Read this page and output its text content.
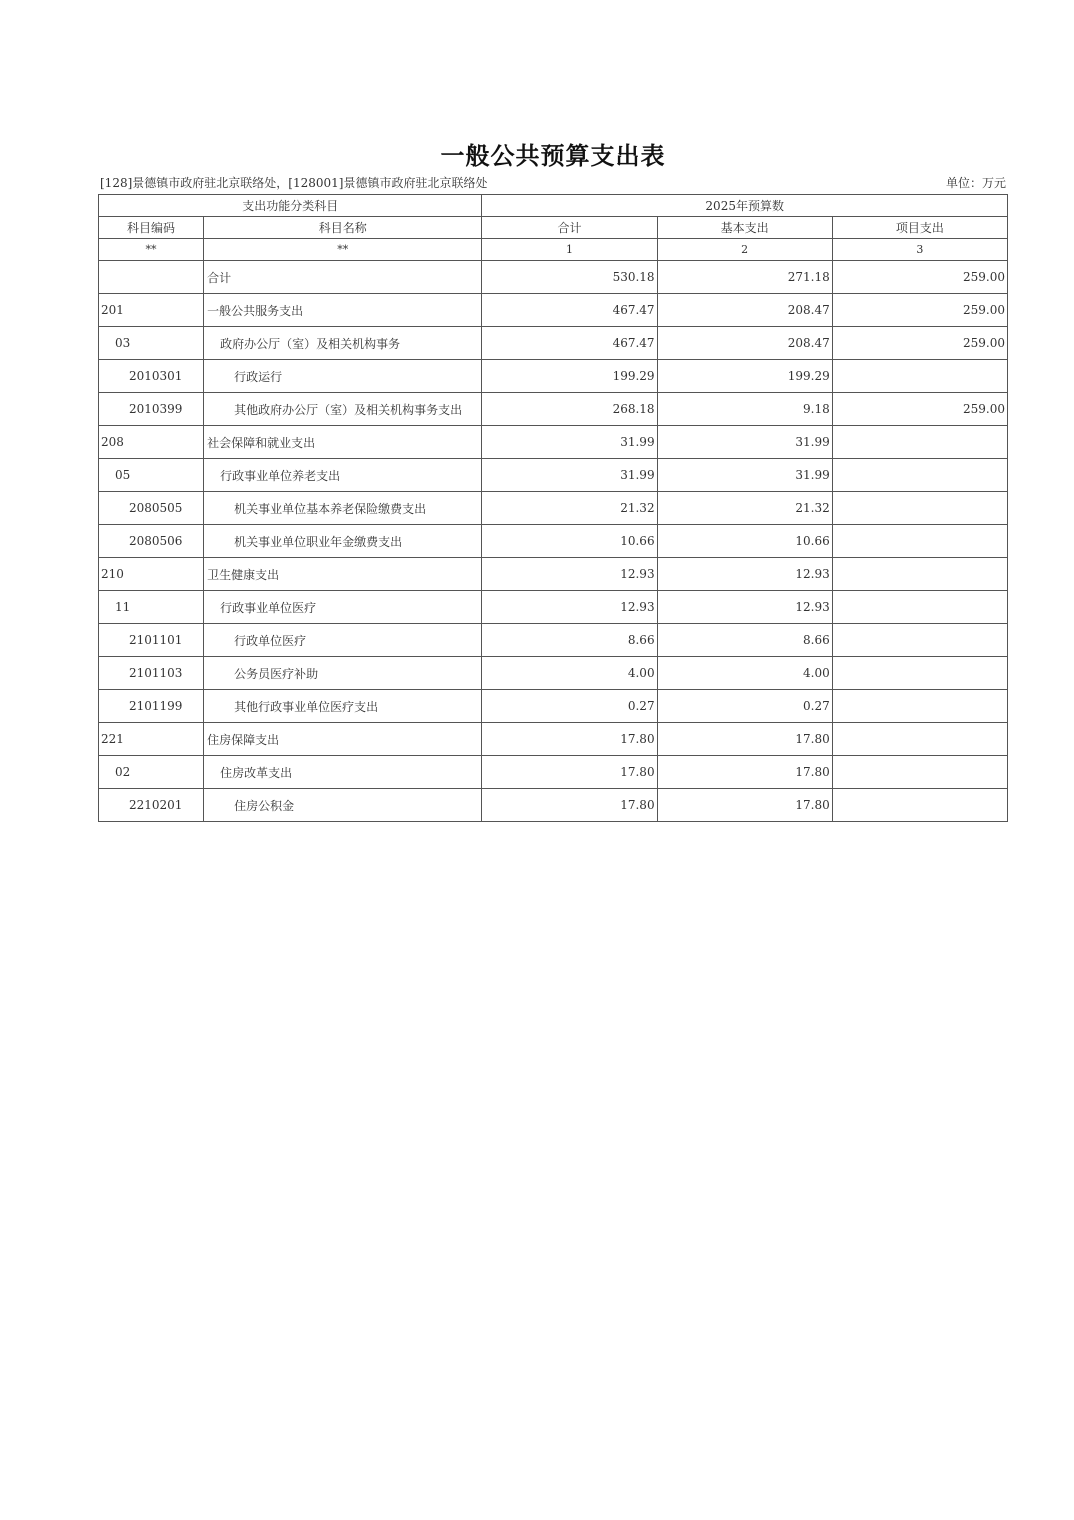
一般公共预算支出表
[128]景德镇市政府驻北京联络处，[128001]景德镇市政府驻北京联络处	单位：万元
支出功能分类科目		2025年预算数		
科目编码	科目名称	合计	基本支出	项目支出
**	**	1	2	3
	合计	530.18	271.18	259.00
201	一般公共服务支出	467.47	208.47	259.00
03	政府办公厅（室）及相关机构事务	467.47	208.47	259.00
2010301	行政运行	199.29	199.29	
2010399	其他政府办公厅（室）及相关机构事务支出	268.18	9.18	259.00
208	社会保障和就业支出	31.99	31.99	
05	行政事业单位养老支出	31.99	31.99	
2080505	机关事业单位基本养老保险缴费支出	21.32	21.32	
2080506	机关事业单位职业年金缴费支出	10.66	10.66	
210	卫生健康支出	12.93	12.93	
11	行政事业单位医疗	12.93	12.93	
2101101	行政单位医疗	8.66	8.66	
2101103	公务员医疗补助	4.00	4.00	
2101199	其他行政事业单位医疗支出	0.27	0.27	
221	住房保障支出	17.80	17.80	
02	住房改革支出	17.80	17.80	
2210201	住房公积金	17.80	17.80	
